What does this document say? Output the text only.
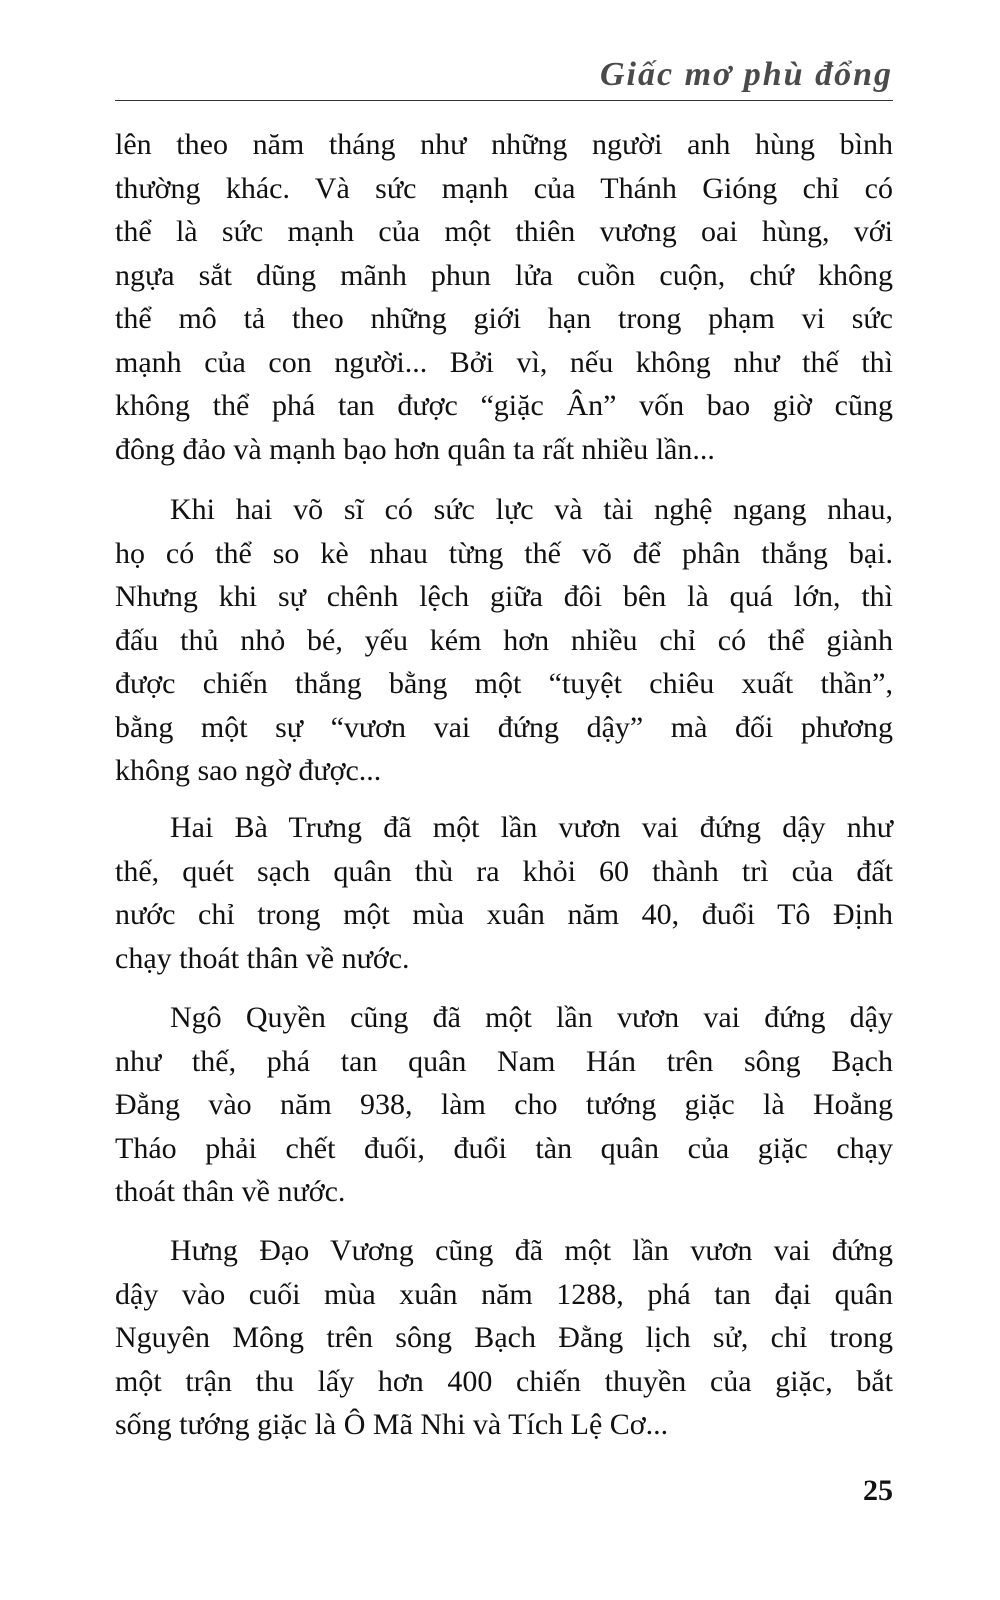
Giấc mơ phù đổng
lên theo năm tháng như những người anh hùng bình
thường khác. Và sức mạnh của Thánh Gióng chỉ có
thể là sức mạnh của một thiên vương oai hùng, với
ngựa sắt dũng mãnh phun lửa cuồn cuộn, chứ không
thể mô tả theo những giới hạn trong phạm vi sức
mạnh của con người... Bởi vì, nếu không như thế thì
không thể phá tan được “giặc Ân” vốn bao giờ cũng
đông đảo và mạnh bạo hơn quân ta rất nhiều lần...
Khi hai võ sĩ có sức lực và tài nghệ ngang nhau,
họ có thể so kè nhau từng thế võ để phân thắng bại.
Nhưng khi sự chênh lệch giữa đôi bên là quá lớn, thì
đấu thủ nhỏ bé, yếu kém hơn nhiều chỉ có thể giành
được chiến thắng bằng một “tuyệt chiêu xuất thần”,
bằng một sự “vươn vai đứng dậy” mà đối phương
không sao ngờ được...
Hai Bà Trưng đã một lần vươn vai đứng dậy như
thế, quét sạch quân thù ra khỏi 60 thành trì của đất
nước chỉ trong một mùa xuân năm 40, đuổi Tô Định
chạy thoát thân về nước.
Ngô Quyền cũng đã một lần vươn vai đứng dậy
như thế, phá tan quân Nam Hán trên sông Bạch
Đằng vào năm 938, làm cho tướng giặc là Hoằng
Tháo phải chết đuối, đuổi tàn quân của giặc chạy
thoát thân về nước.
Hưng Đạo Vương cũng đã một lần vươn vai đứng
dậy vào cuối mùa xuân năm 1288, phá tan đại quân
Nguyên Mông trên sông Bạch Đằng lịch sử, chỉ trong
một trận thu lấy hơn 400 chiến thuyền của giặc, bắt
sống tướng giặc là Ô Mã Nhi và Tích Lệ Cơ...
25
